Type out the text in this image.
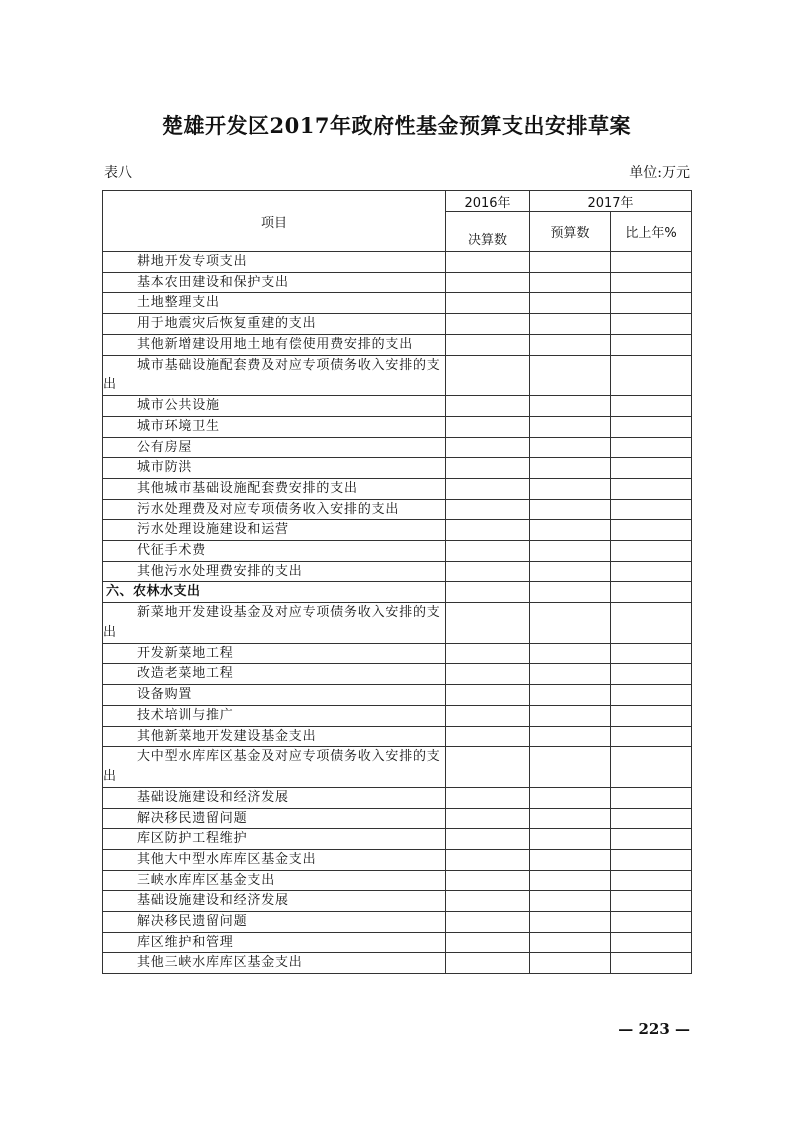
楚雄开发区2017年政府性基金预算支出安排草案
表八	单位:万元
项目	2016年	2017年	
	决算数	预算数	比上年%
耕地开发专项支出			
基本农田建设和保护支出			
土地整理支出			
用于地震灾后恢复重建的支出			
其他新增建设用地土地有偿使用费安排的支出			
城市基础设施配套费及对应专项债务收入安排的支出			
城市公共设施			
城市环境卫生			
公有房屋			
城市防洪			
其他城市基础设施配套费安排的支出			
污水处理费及对应专项债务收入安排的支出			
污水处理设施建设和运营			
代征手术费			
其他污水处理费安排的支出			
六、农林水支出			
新菜地开发建设基金及对应专项债务收入安排的支出			
开发新菜地工程			
改造老菜地工程			
设备购置			
技术培训与推广			
其他新菜地开发建设基金支出			
大中型水库库区基金及对应专项债务收入安排的支出			
基础设施建设和经济发展			
解决移民遗留问题			
库区防护工程维护			
其他大中型水库库区基金支出			
三峡水库库区基金支出			
基础设施建设和经济发展			
解决移民遗留问题			
库区维护和管理			
其他三峡水库库区基金支出			
— 223 —
